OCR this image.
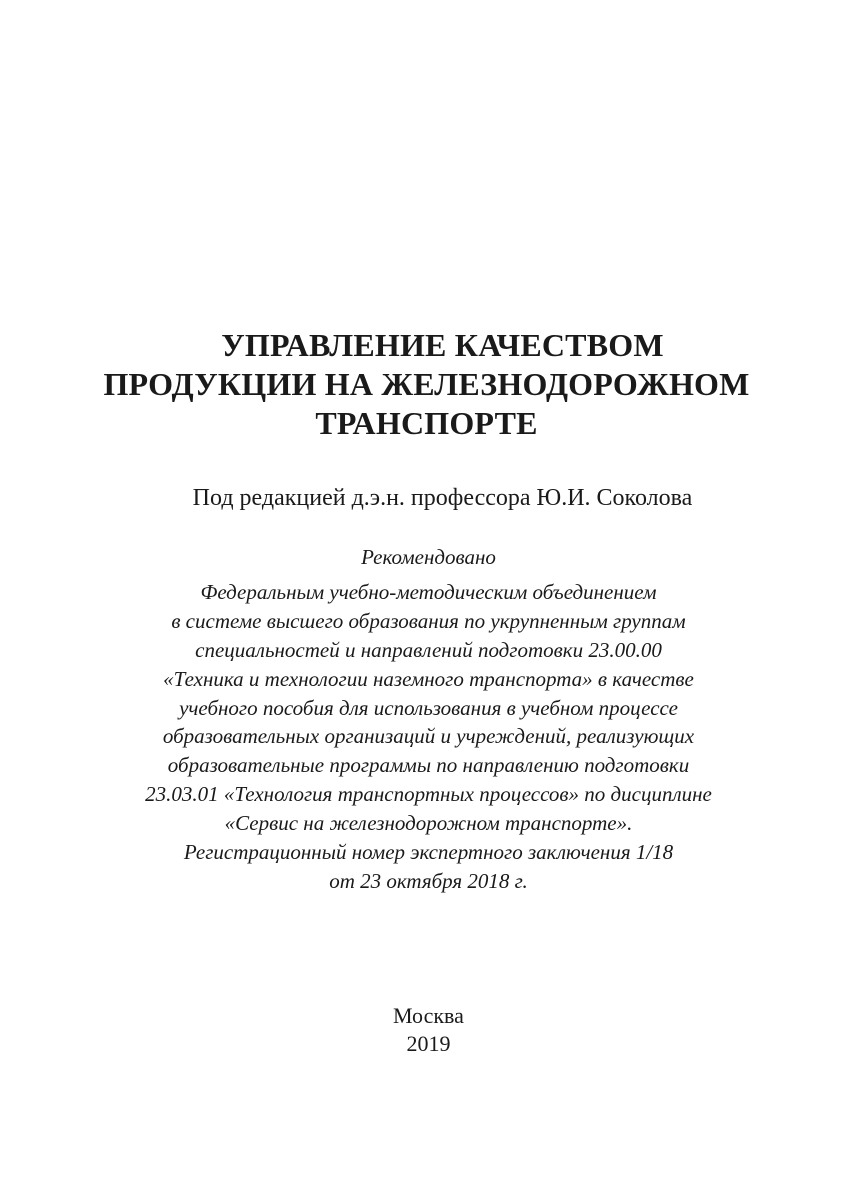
УПРАВЛЕНИЕ КАЧЕСТВОМ
ПРОДУКЦИИ НА ЖЕЛЕЗНОДОРОЖНОМ
ТРАНСПОРТЕ
Под редакцией д.э.н. профессора Ю.И. Соколова
Рекомендовано
Федеральным учебно-методическим объединением
в системе высшего образования по укрупненным группам
специальностей и направлений подготовки 23.00.00
«Техника и технологии наземного транспорта» в качестве
учебного пособия для использования в учебном процессе
образовательных организаций и учреждений, реализующих
образовательные программы по направлению подготовки
23.03.01 «Технология транспортных процессов» по дисциплине
«Сервис на железнодорожном транспорте».
Регистрационный номер экспертного заключения 1/18
от 23 октября 2018 г.
Москва
2019
